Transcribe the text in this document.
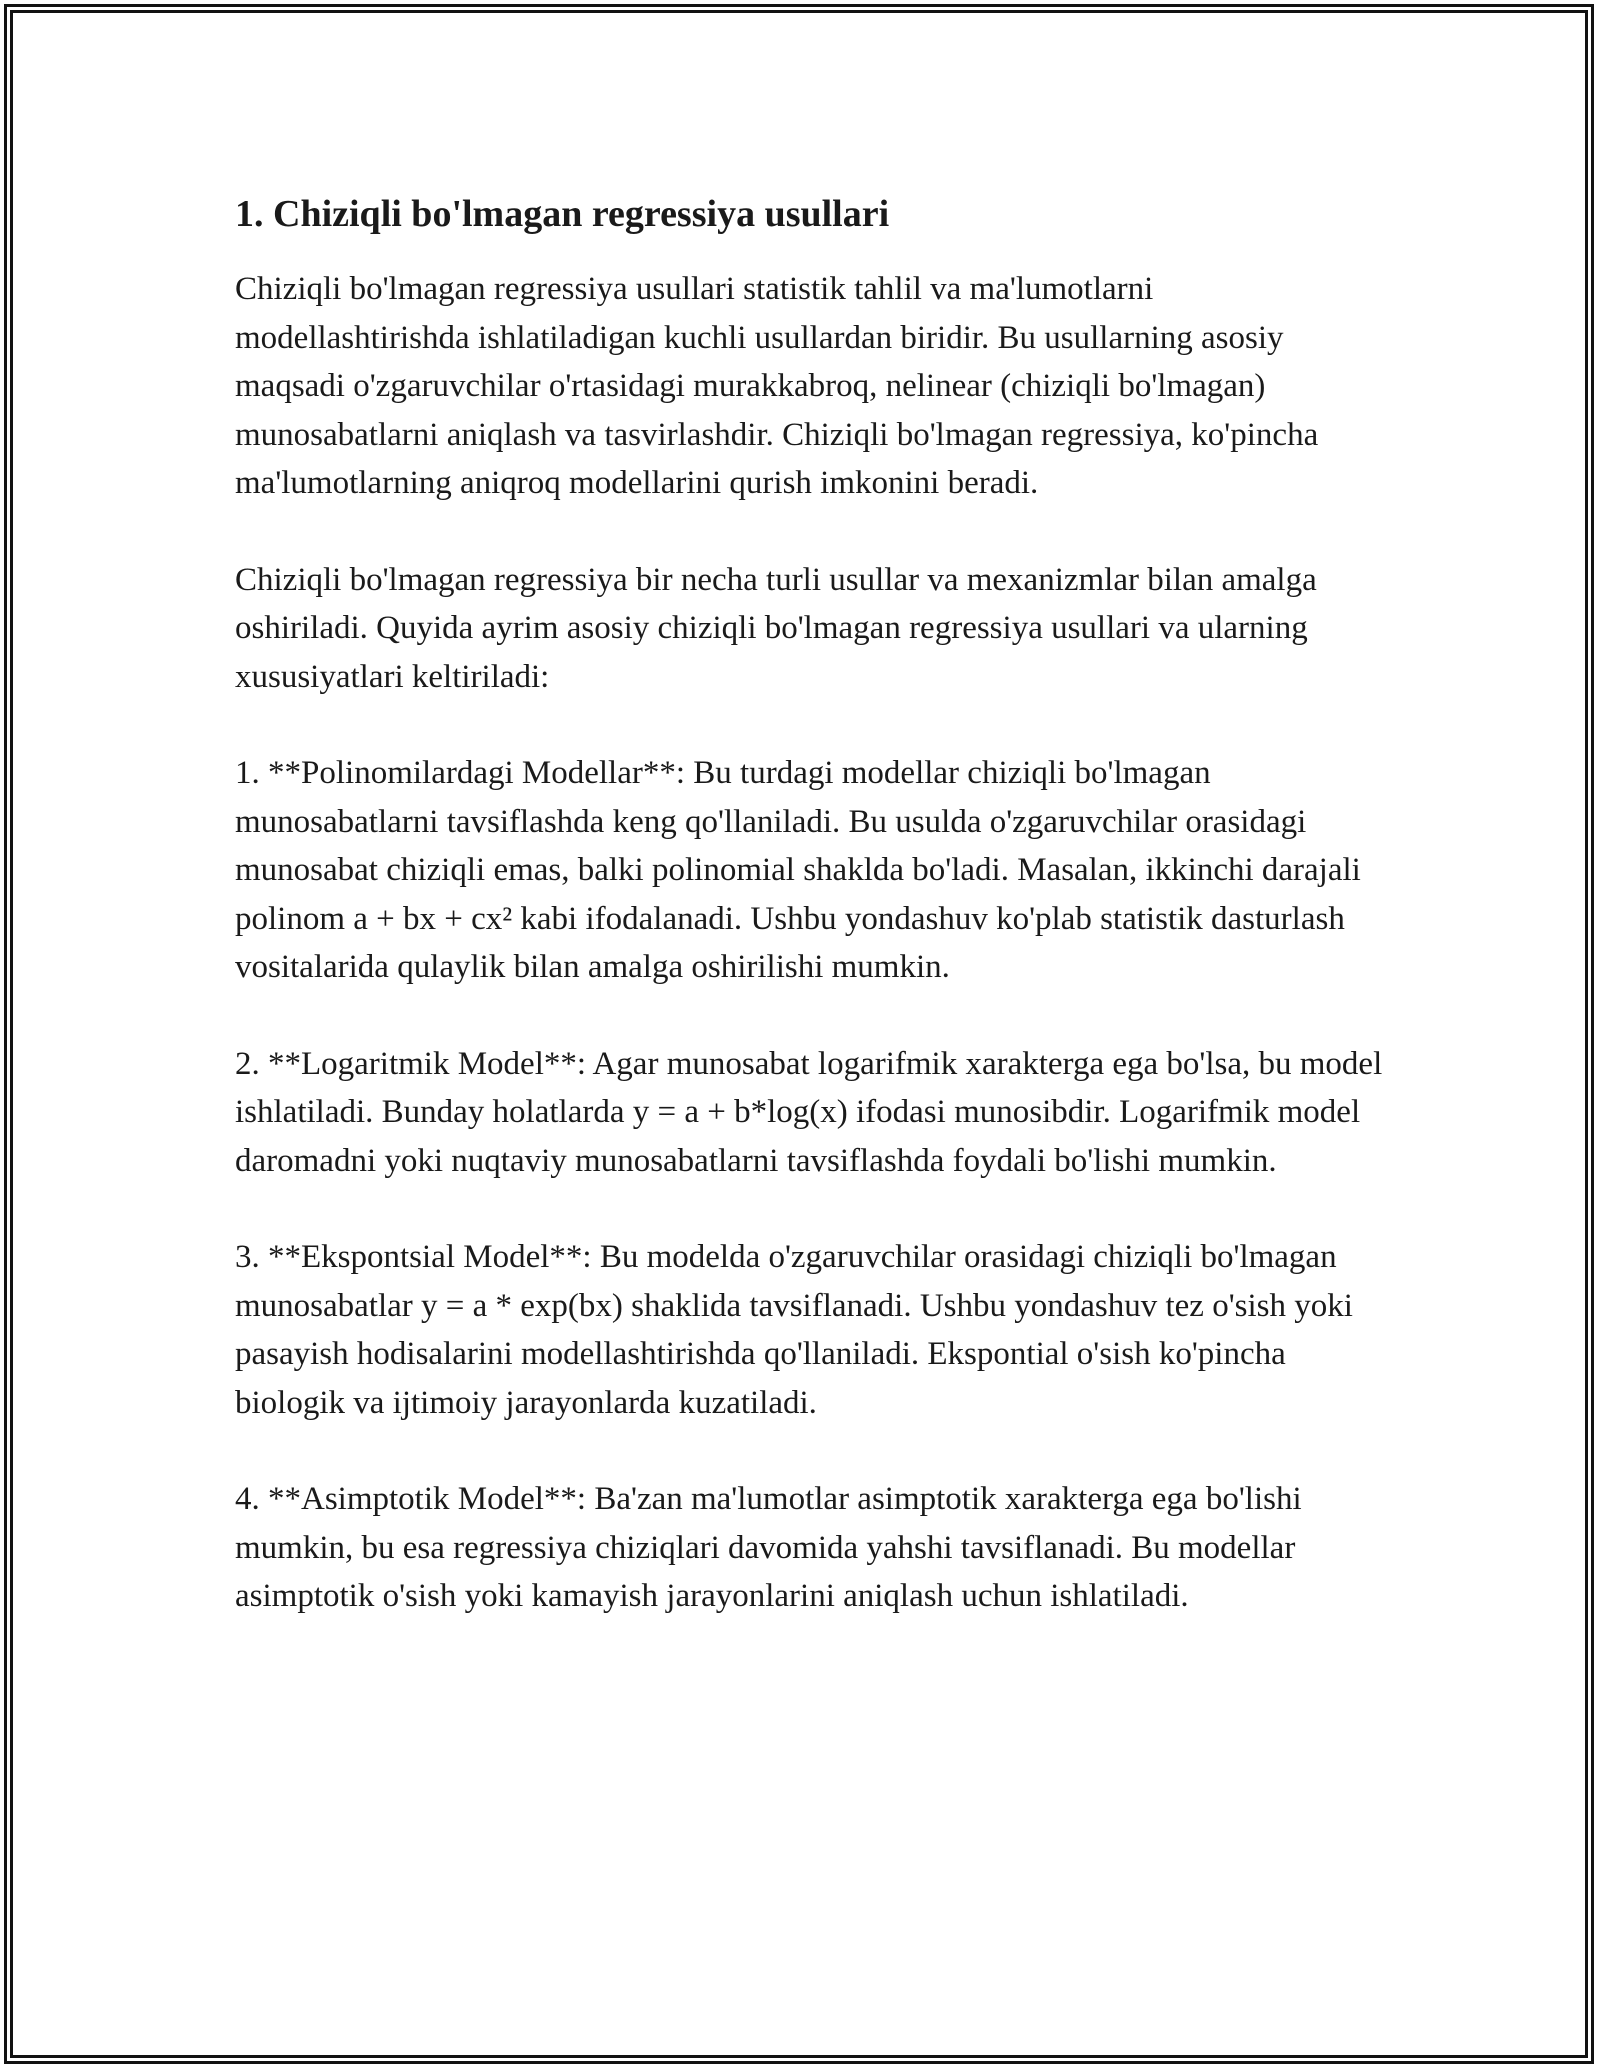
1. Chiziqli bo'lmagan regressiya usullari

Chiziqli bo'lmagan regressiya usullari statistik tahlil va ma'lumotlarni modellashtirishda ishlatiladigan kuchli usullardan biridir. Bu usullarning asosiy maqsadi o'zgaruvchilar o'rtasidagi murakkabroq, nelinear (chiziqli bo'lmagan) munosabatlarni aniqlash va tasvirlashdir. Chiziqli bo'lmagan regressiya, ko'pincha ma'lumotlarning aniqroq modellarini qurish imkonini beradi.

Chiziqli bo'lmagan regressiya bir necha turli usullar va mexanizmlar bilan amalga oshiriladi. Quyida ayrim asosiy chiziqli bo'lmagan regressiya usullari va ularning xususiyatlari keltiriladi:

1. **Polinomilardagi Modellar**: Bu turdagi modellar chiziqli bo'lmagan munosabatlarni tavsiflashda keng qo'llaniladi. Bu usulda o'zgaruvchilar orasidagi munosabat chiziqli emas, balki polinomial shaklda bo'ladi. Masalan, ikkinchi darajali polinom a + bx + cx² kabi ifodalanadi. Ushbu yondashuv ko'plab statistik dasturlash vositalarida qulaylik bilan amalga oshirilishi mumkin.

2. **Logaritmik Model**: Agar munosabat logarifmik xarakterga ega bo'lsa, bu model ishlatiladi. Bunday holatlarda y = a + b*log(x) ifodasi munosibdir. Logarifmik model daromadni yoki nuqtaviy munosabatlarni tavsiflashda foydali bo'lishi mumkin.

3. **Ekspontsial Model**: Bu modelda o'zgaruvchilar orasidagi chiziqli bo'lmagan munosabatlar y = a * exp(bx) shaklida tavsiflanadi. Ushbu yondashuv tez o'sish yoki pasayish hodisalarini modellashtirishda qo'llaniladi. Ekspontial o'sish ko'pincha biologik va ijtimoiy jarayonlarda kuzatiladi.

4. **Asimptotik Model**: Ba'zan ma'lumotlar asimptotik xarakterga ega bo'lishi mumkin, bu esa regressiya chiziqlari davomida yahshi tavsiflanadi. Bu modellar asimptotik o'sish yoki kamayish jarayonlarini aniqlash uchun ishlatiladi.
